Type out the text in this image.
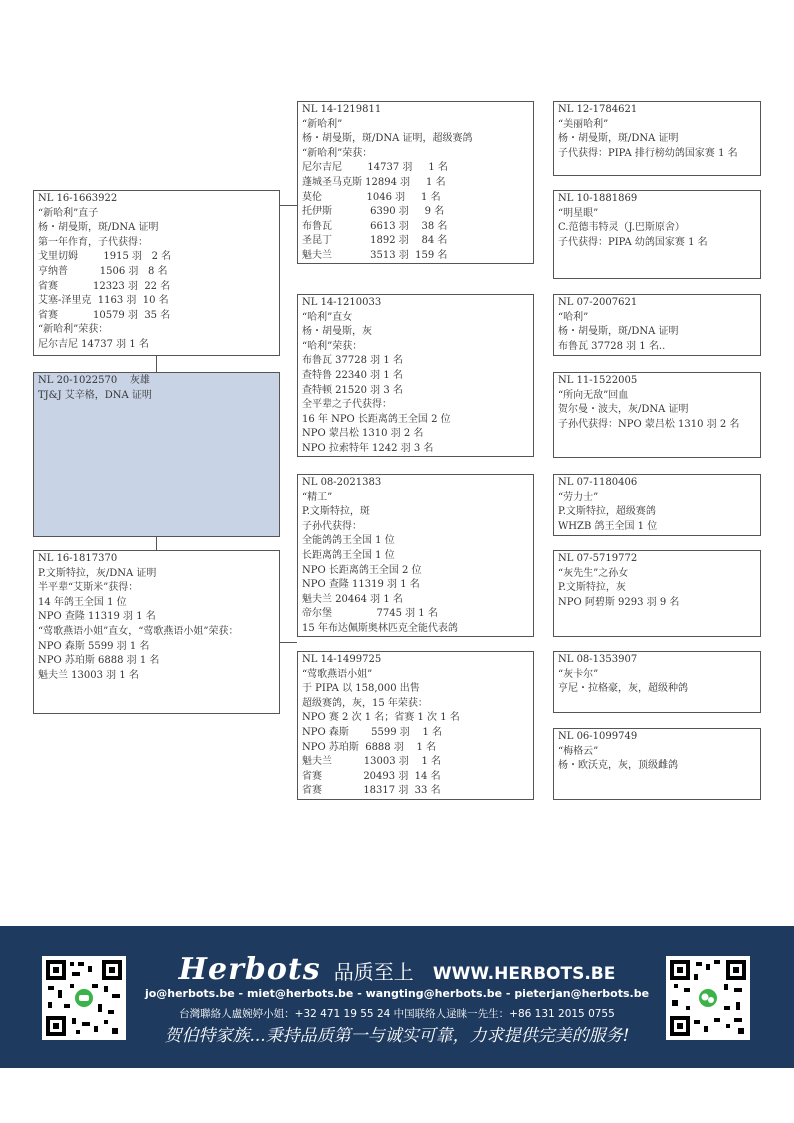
NL 16-1663922
“新哈利”直子
杨・胡曼斯，斑/DNA 证明
第一年作育，子代获得：
戈里切姆        1915 羽   2 名
亨纳普          1506 羽   8 名
省赛           12323 羽  22 名
艾塞-泽里克  1163 羽  10 名
省赛           10579 羽  35 名
“新哈利”荣获：
尼尔吉尼 14737 羽 1 名
NL 20-1022570    灰雄
TJ&J 艾辛格，DNA 证明
NL 16-1817370
P.文斯特拉，灰/DNA 证明
半平辈“艾斯米”获得：
14 年鸽王全国 1 位
NPO 查隆 11319 羽 1 名
“莺歌燕语小姐”直女，“莺歌燕语小姐”荣获：
NPO 森斯 5599 羽 1 名
NPO 苏珀斯 6888 羽 1 名
魁夫兰 13003 羽 1 名
NL 14-1219811
“新哈利”
杨・胡曼斯，斑/DNA 证明，超级赛鸽
“新哈利”荣获：
尼尔吉尼        14737 羽     1 名
蓬城圣马克斯 12894 羽     1 名
莫伦              1046 羽     1 名
托伊斯            6390 羽     9 名
布鲁瓦            6613 羽    38 名
圣昆丁            1892 羽    84 名
魁夫兰            3513 羽  159 名
NL 14-1210033
“哈利”直女
杨・胡曼斯，灰
“哈利”荣获：
布鲁瓦 37728 羽 1 名
查特鲁 22340 羽 1 名
查特顿 21520 羽 3 名
全平辈之子代获得：
16 年 NPO 长距离鸽王全国 2 位
NPO 蒙吕松 1310 羽 2 名
NPO 拉索特年 1242 羽 3 名
NL 08-2021383
“精工”
P.文斯特拉，斑
子孙代获得：
全能鸽鸽王全国 1 位
长距离鸽王全国 1 位
NPO 长距离鸽王全国 2 位
NPO 查隆 11319 羽 1 名
魁夫兰 20464 羽 1 名
帝尔堡              7745 羽 1 名
15 年布达佩斯奥林匹克全能代表鸽
NL 14-1499725
“莺歌燕语小姐”
于 PIPA 以 158,000 出售
超级赛鸽，灰，15 年荣获：
NPO 赛 2 次 1 名；省赛 1 次 1 名
NPO 森斯       5599 羽    1 名
NPO 苏珀斯  6888 羽    1 名
魁夫兰          13003 羽    1 名
省赛             20493 羽  14 名
省赛             18317 羽  33 名
NL 12-1784621
“美丽哈利”
杨・胡曼斯，斑/DNA 证明
子代获得：PIPA 排行榜幼鸽国家赛 1 名
NL 10-1881869
“明星眼”
C.范德韦特灵（J.巴斯原舍）
子代获得：PIPA 幼鸽国家赛 1 名
NL 07-2007621
“哈利”
杨・胡曼斯，斑/DNA 证明
布鲁瓦 37728 羽 1 名..
NL 11-1522005
“所向无敌”回血
贺尔曼・波夫，灰/DNA 证明
子孙代获得：NPO 蒙吕松 1310 羽 2 名
NL 07-1180406
“劳力士”
P.文斯特拉，超级赛鸽
WHZB 鸽王全国 1 位
NL 07-5719772
“灰先生”之孙女
P.文斯特拉，灰
NPO 阿碧斯 9293 羽 9 名
NL 08-1353907
“灰卡尔”
亨尼・拉格豪，灰，超级种鸽
NL 06-1099749
“梅格云”
杨・欧沃克，灰，顶级雌鸽
Herbots 品质至上 WWW.HERBOTS.BE
jo@herbots.be - miet@herbots.be - wangting@herbots.be - pieterjan@herbots.be
台灣聯絡人盧婉婷小姐：+32 471 19 55 24 中国联络人逯睐一先生：+86 131 2015 0755
贺伯特家族...秉持品质第一与诚实可靠，力求提供完美的服务!
